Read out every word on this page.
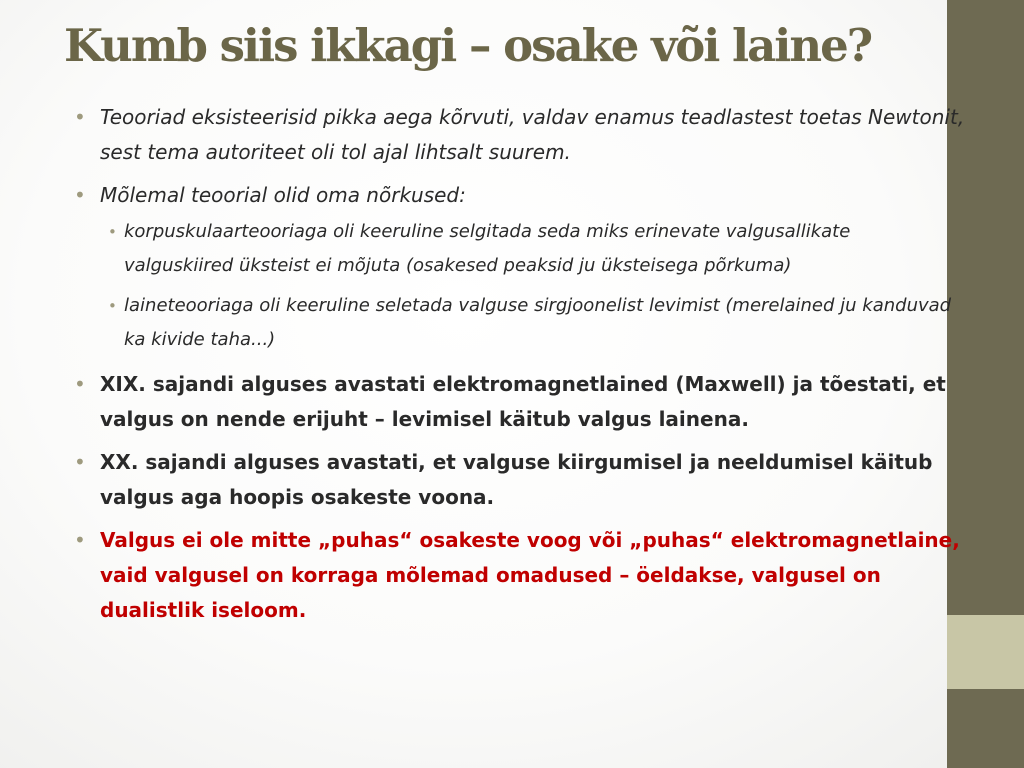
Kumb siis ikkagi – osake või laine?
• Teooriad eksisteerisid pikka aega kõrvuti, valdav enamus teadlastest toetas Newtonit, sest tema autoriteet oli tol ajal lihtsalt suurem.
• Mõlemal teoorial olid oma nõrkused:
• korpuskulaarteooriaga oli keeruline selgitada seda miks erinevate valgusallikate valguskiired üksteist ei mõjuta (osakesed peaksid ju üksteisega põrkuma)
• laineteooriaga oli keeruline seletada valguse sirgjoonelist levimist (merelained ju kanduvad ka kivide taha...)
• XIX. sajandi alguses avastati elektromagnetlained (Maxwell) ja tõestati, et valgus on nende erijuht – levimisel käitub valgus lainena.
• XX. sajandi alguses avastati, et valguse kiirgumisel ja neeldumisel käitub valgus aga hoopis osakeste voona.
• Valgus ei ole mitte „puhas“ osakeste voog või „puhas“ elektromagnetlaine, vaid valgusel on korraga mõlemad omadused – öeldakse, valgusel on dualistlik iseloom.
